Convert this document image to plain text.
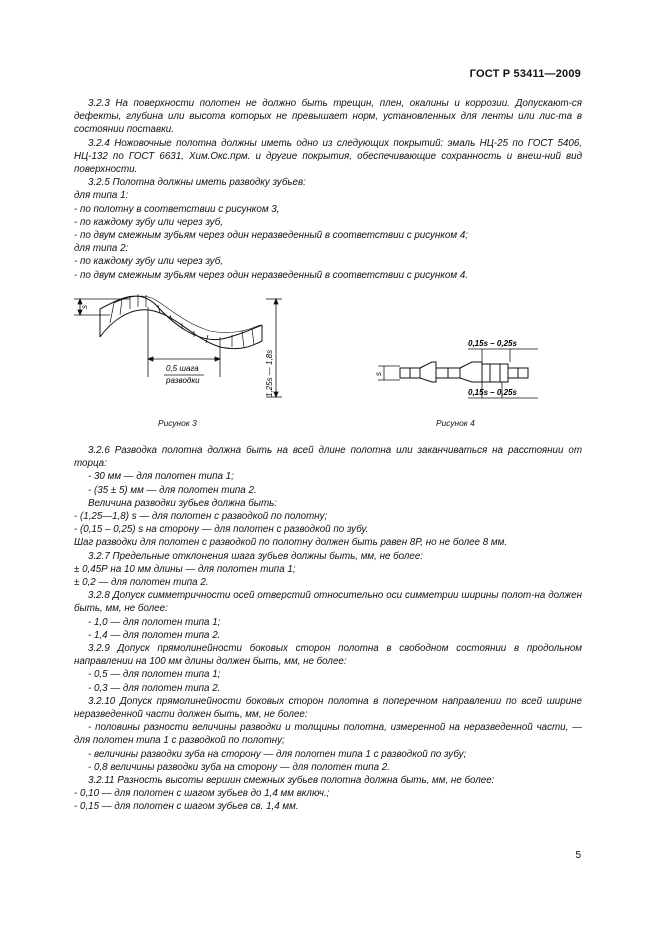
ГОСТ Р 53411—2009

3.2.3 На поверхности полотен не должно быть трещин, плен, окалины и коррозии. Допускают-ся дефекты, глубина или высота которых не превышает норм, установленных для ленты или лис-та в состоянии поставки.

3.2.4 Ножовочные полотна должны иметь одно из следующих покрытий: эмаль НЦ-25 по ГОСТ 5406, НЦ-132 по ГОСТ 6631, Хим.Окс.прм. и другие покрытия, обеспечивающие сохранность и внеш-ний вид поверхности.

3.2.5 Полотна должны иметь разводку зубьев:

для типа 1:

- по полотну в соответствии с рисунком 3,

- по каждому зубу или через зуб,

- по двум смежным зубьям через один неразведенный в соответствии с рисунком 4;

для типа 2:

- по каждому зубу или через зуб,

- по двум смежным зубьям через один неразведенный в соответствии с рисунком 4.

s
0,5 шага
разводки	1,25s — 1,8s
Рисунок 3
0,15s – 0,25s
s
0,15s – 0,25s
Рисунок 4

3.2.6 Разводка полотна должна быть на всей длине полотна или заканчиваться на расстоянии от торца:

- 30 мм — для полотен типа 1;

- (35 ± 5) мм — для полотен типа 2.

Величина разводки зубьев должна быть:

- (1,25—1,8) s — для полотен с разводкой по полотну;

- (0,15 – 0,25) s на сторону — для полотен с разводкой по зубу.

Шаг разводки для полотен с разводкой по полотну должен быть равен 8Р, но не более 8 мм.

3.2.7 Предельные отклонения шага зубьев должны быть, мм, не более:

± 0,45Р на 10 мм длины — для полотен типа 1;

± 0,2 — для полотен типа 2.

3.2.8 Допуск симметричности осей отверстий относительно оси симметрии ширины полот-на должен быть, мм, не более:

- 1,0 — для полотен типа 1;

- 1,4 — для полотен типа 2.

3.2.9 Допуск прямолинейности боковых сторон полотна в свободном состоянии в продольном направлении на 100 мм длины должен быть, мм, не более:

- 0,5 — для полотен типа 1;

- 0,3 — для полотен типа 2.

3.2.10 Допуск прямолинейности боковых сторон полотна в поперечном направлении по всей ширине неразведенной части должен быть, мм, не более:

- половины разности величины разводки и толщины полотна, измеренной на неразведенной части, — для полотен типа 1 с разводкой по полотну;

- величины разводки зуба на сторону — для полотен типа 1 с разводкой по зубу;

- 0,8 величины разводки зуба на сторону — для полотен типа 2.

3.2.11 Разность высоты вершин смежных зубьев полотна должна быть, мм, не более:

- 0,10 — для полотен с шагом зубьев до 1,4 мм включ.;

- 0,15 — для полотен с шагом зубьев св. 1,4 мм.

5
